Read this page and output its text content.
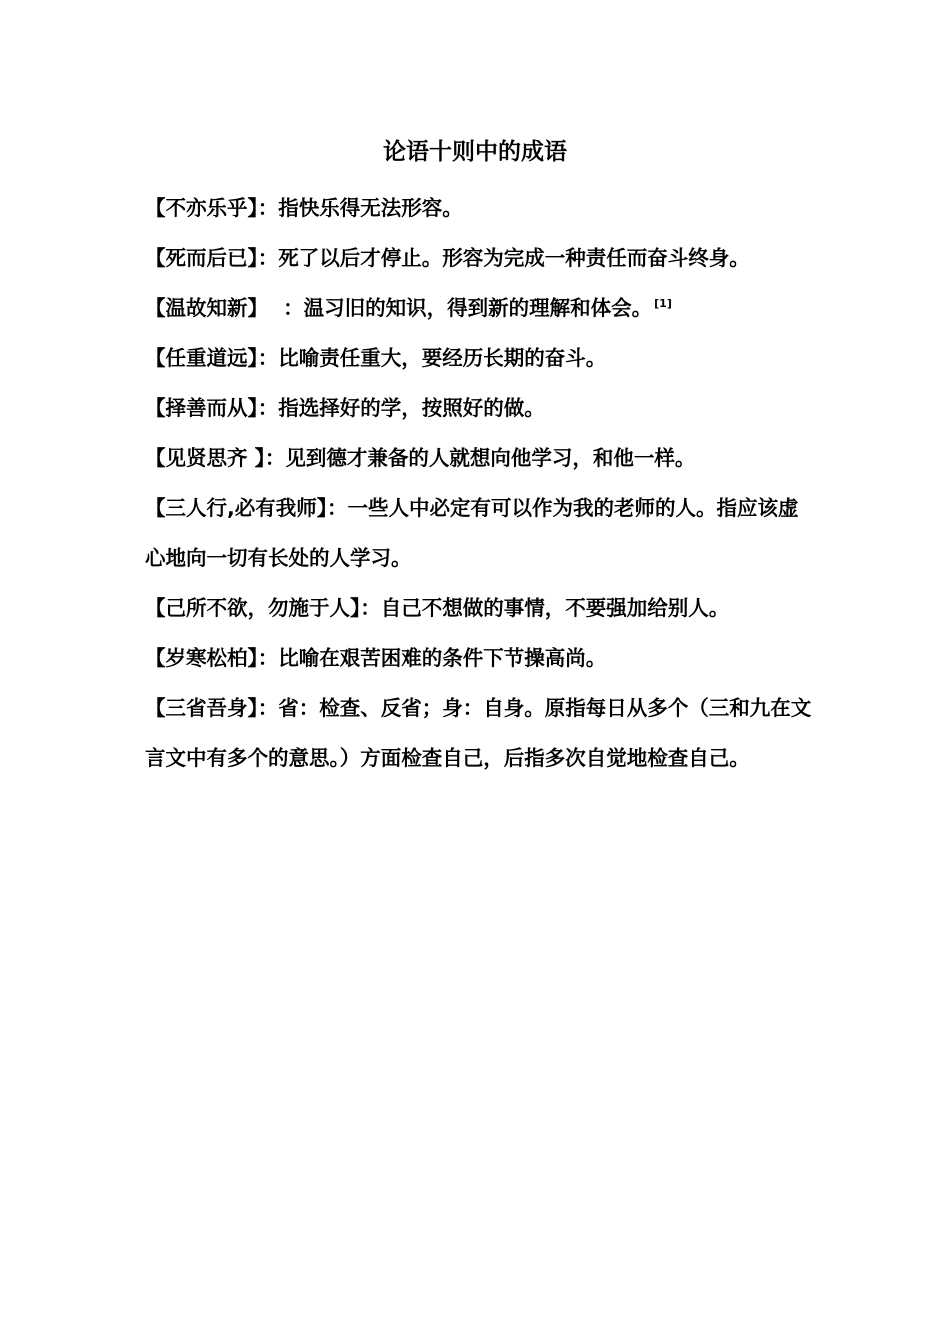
论语十则中的成语

【不亦乐乎】：指快乐得无法形容。

【死而后已】：死了以后才停止。形容为完成一种责任而奋斗终身。

【温故知新】 ：温习旧的知识，得到新的理解和体会。 [1]

【任重道远】：比喻责任重大，要经历长期的奋斗。

【择善而从】：指选择好的学，按照好的做。

【见贤思齐 】：见到德才兼备的人就想向他学习，和他一样。

【三人行,必有我师】：一些人中必定有可以作为我的老师的人。指应该虚心地向一切有长处的人学习。

【己所不欲，勿施于人】：自己不想做的事情，不要强加给别人。

【岁寒松柏】：比喻在艰苦困难的条件下节操高尚。

【三省吾身】：省：检查、反省；身：自身。原指每日从多个（三和九在文言文中有多个的意思。）方面检查自己，后指多次自觉地检查自己。
